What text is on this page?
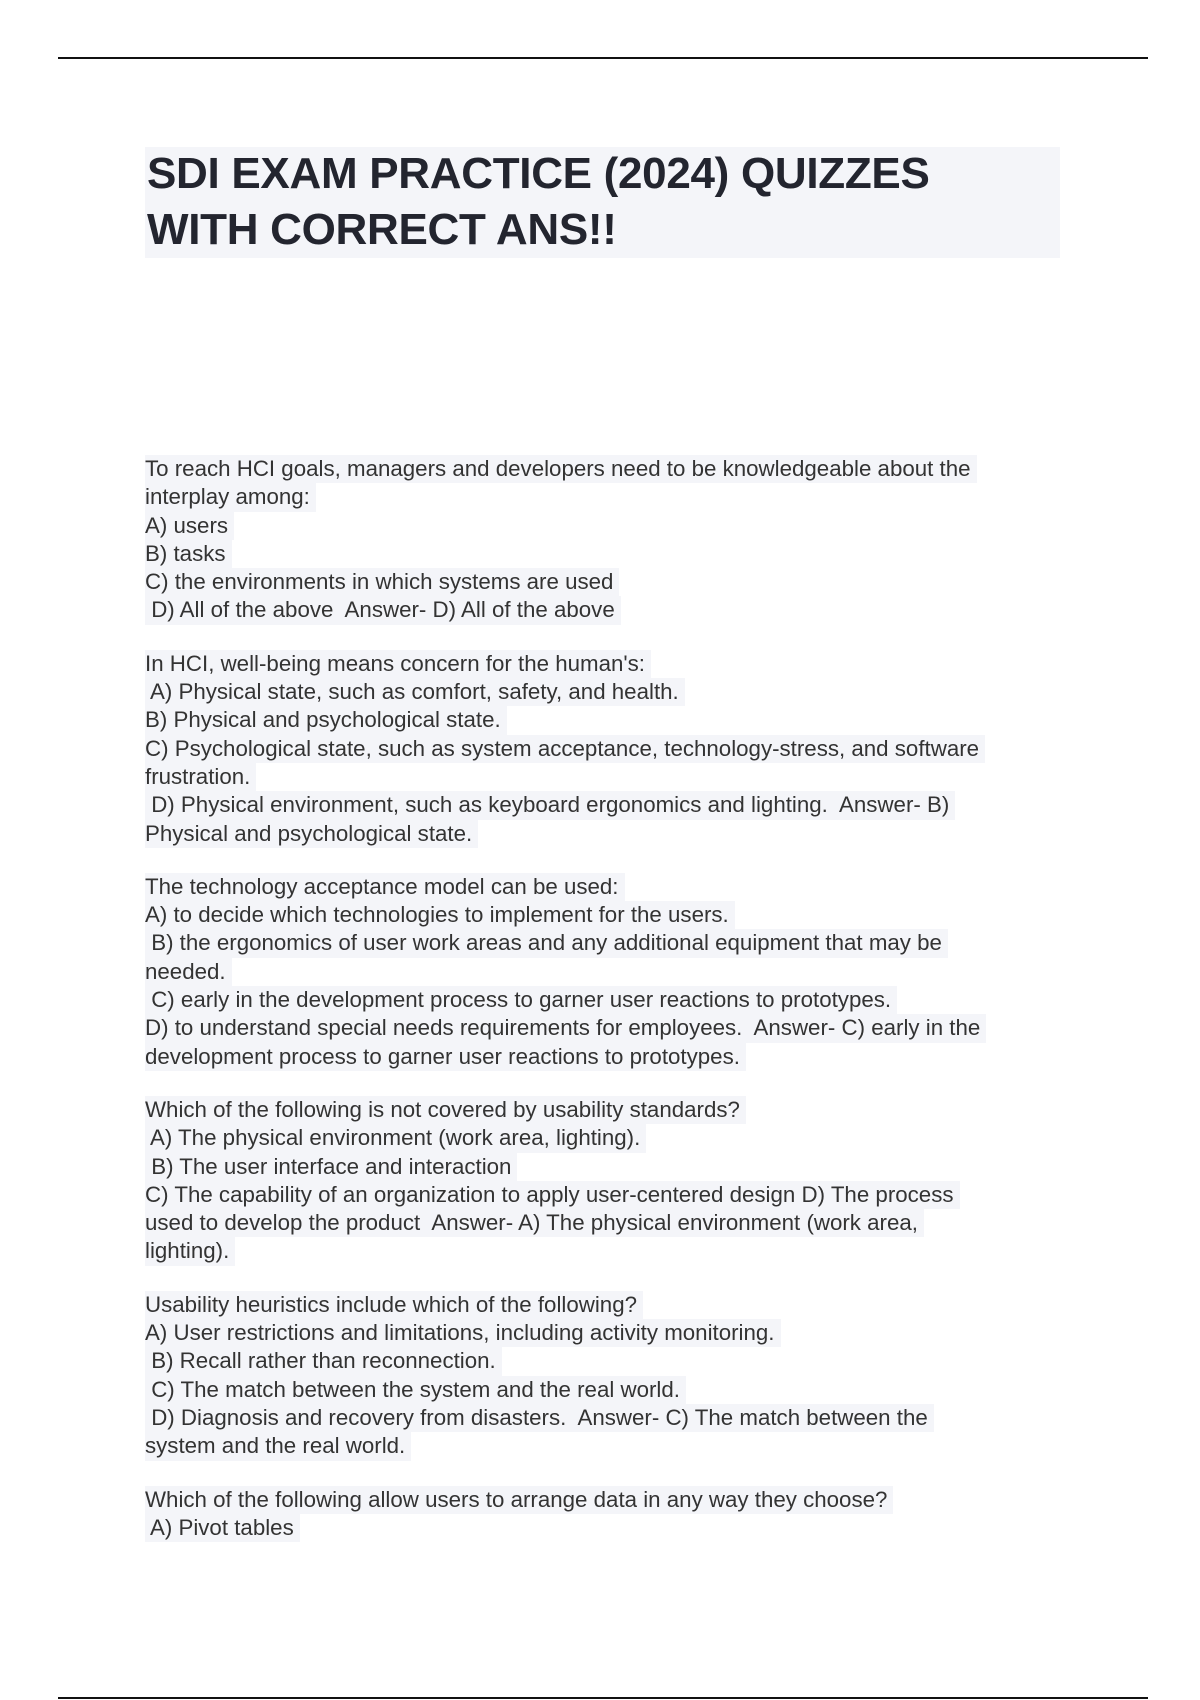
SDI EXAM PRACTICE (2024) QUIZZES
WITH CORRECT ANS!!
To reach HCI goals, managers and developers need to be knowledgeable about the
interplay among:
A) users
B) tasks
C) the environments in which systems are used
D) All of the above  Answer- D) All of the above
In HCI, well-being means concern for the human's:
A) Physical state, such as comfort, safety, and health.
B) Physical and psychological state.
C) Psychological state, such as system acceptance, technology-stress, and software
frustration.
D) Physical environment, such as keyboard ergonomics and lighting.  Answer- B)
Physical and psychological state.
The technology acceptance model can be used:
A) to decide which technologies to implement for the users.
B) the ergonomics of user work areas and any additional equipment that may be
needed.
C) early in the development process to garner user reactions to prototypes.
D) to understand special needs requirements for employees.  Answer- C) early in the
development process to garner user reactions to prototypes.
Which of the following is not covered by usability standards?
A) The physical environment (work area, lighting).
B) The user interface and interaction
C) The capability of an organization to apply user-centered design D) The process
used to develop the product  Answer- A) The physical environment (work area,
lighting).
Usability heuristics include which of the following?
A) User restrictions and limitations, including activity monitoring.
B) Recall rather than reconnection.
C) The match between the system and the real world.
D) Diagnosis and recovery from disasters.  Answer- C) The match between the
system and the real world.
Which of the following allow users to arrange data in any way they choose?
A) Pivot tables
